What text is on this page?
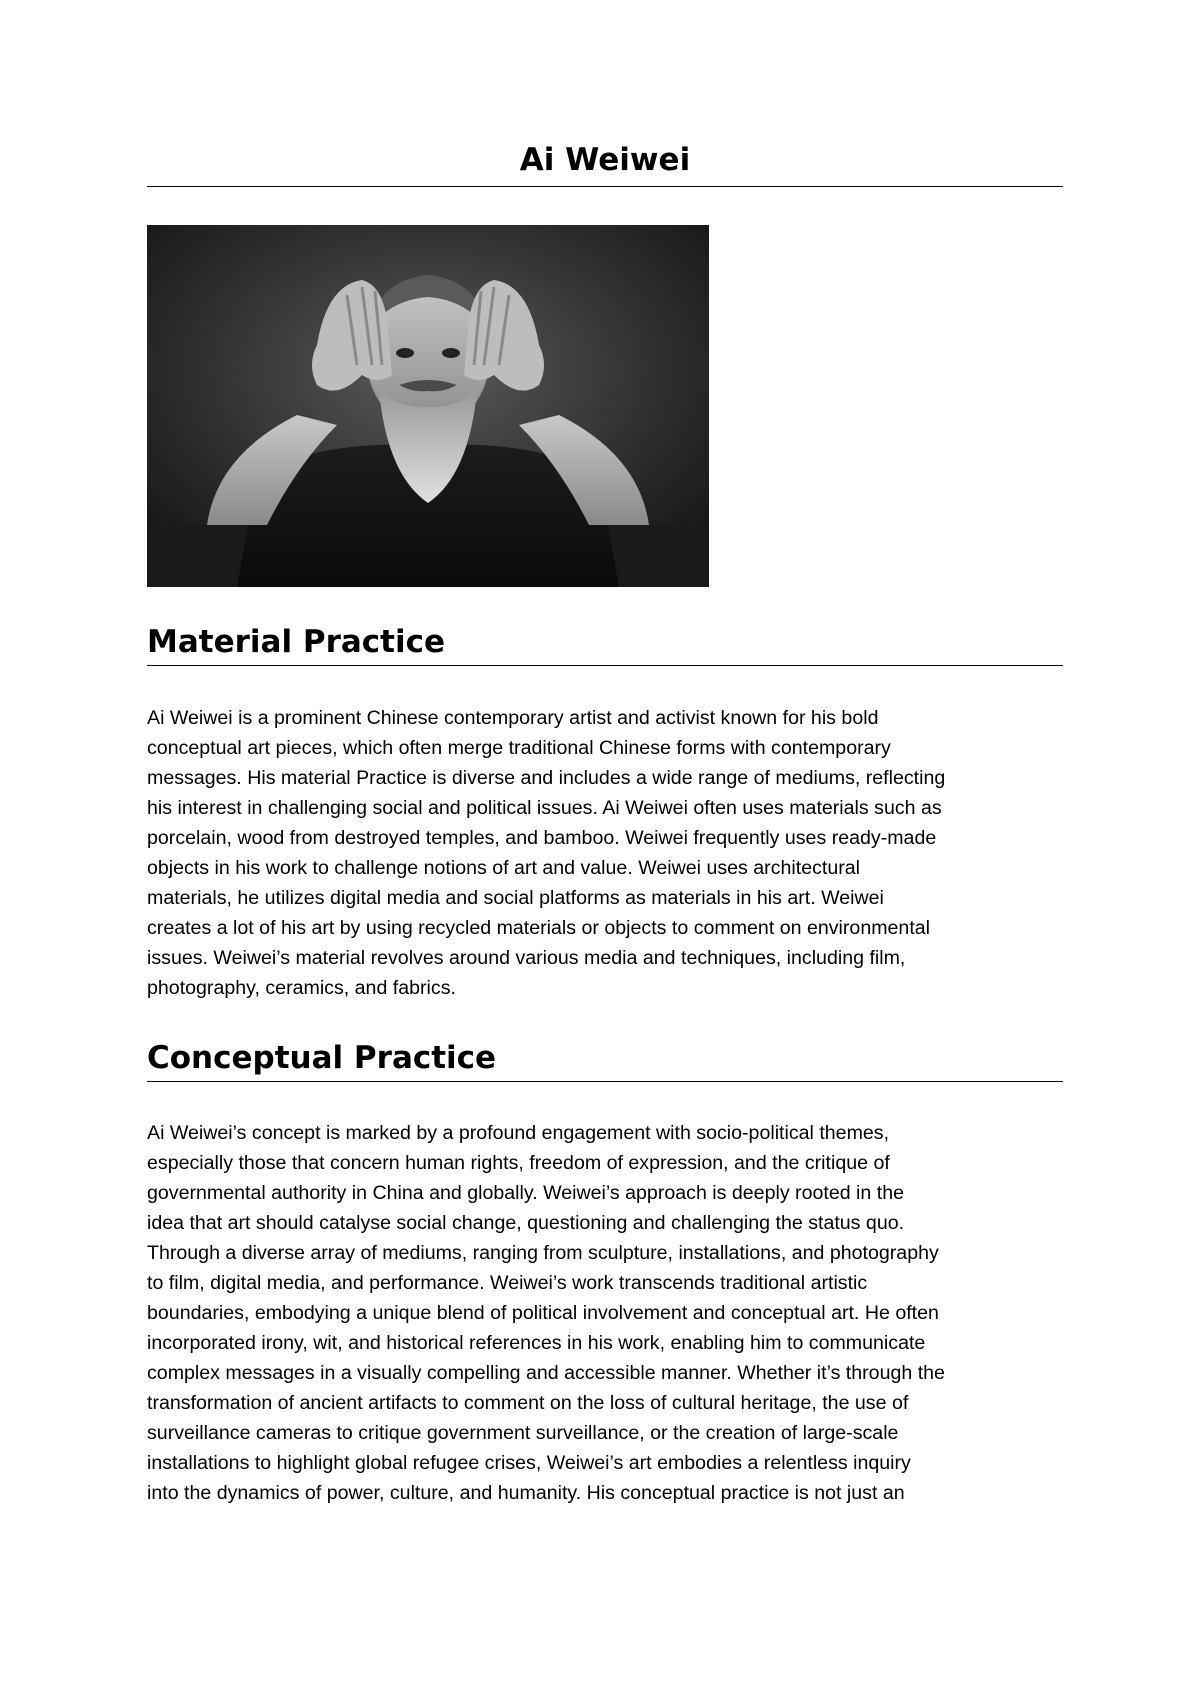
Ai Weiwei
Material Practice

Ai Weiwei is a prominent Chinese contemporary artist and activist known for his bold
conceptual art pieces, which often merge traditional Chinese forms with contemporary
messages. His material Practice is diverse and includes a wide range of mediums, reflecting
his interest in challenging social and political issues. Ai Weiwei often uses materials such as
porcelain, wood from destroyed temples, and bamboo. Weiwei frequently uses ready-made
objects in his work to challenge notions of art and value. Weiwei uses architectural
materials, he utilizes digital media and social platforms as materials in his art. Weiwei
creates a lot of his art by using recycled materials or objects to comment on environmental
issues. Weiwei’s material revolves around various media and techniques, including film,
photography, ceramics, and fabrics.

Conceptual Practice

Ai Weiwei’s concept is marked by a profound engagement with socio-political themes,
especially those that concern human rights, freedom of expression, and the critique of
governmental authority in China and globally. Weiwei’s approach is deeply rooted in the
idea that art should catalyse social change, questioning and challenging the status quo.
Through a diverse array of mediums, ranging from sculpture, installations, and photography
to film, digital media, and performance. Weiwei’s work transcends traditional artistic
boundaries, embodying a unique blend of political involvement and conceptual art. He often
incorporated irony, wit, and historical references in his work, enabling him to communicate
complex messages in a visually compelling and accessible manner. Whether it’s through the
transformation of ancient artifacts to comment on the loss of cultural heritage, the use of
surveillance cameras to critique government surveillance, or the creation of large-scale
installations to highlight global refugee crises, Weiwei’s art embodies a relentless inquiry
into the dynamics of power, culture, and humanity. His conceptual practice is not just an
